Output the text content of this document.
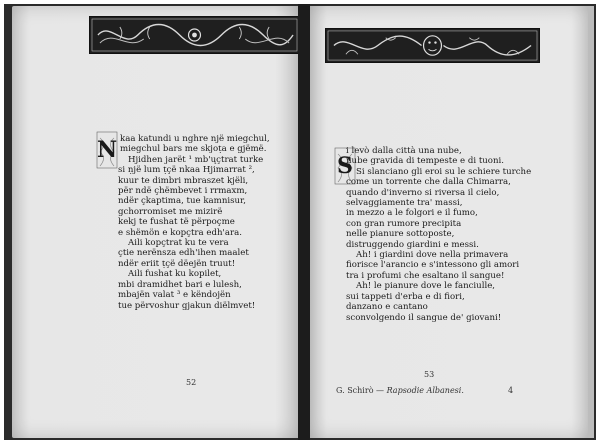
N kaa katundi u nghre një miegchul,
miegchul bars me skjoṭa e gjëmë.
Hjidhen jarët ¹ mb'ųçtrat turke
si ṇjë lum ṭçë nkaa Hjimarrat ²,
kuur te dimbri mbraszet kjëli,
për ndë çhëmbevet i rrmaxm,
ndër çkaptima, tue kamnisur,
gchorromiset me mizirë
kekj te fushat të përpoçme
e shëmön e kopçtra edh'ara.
Aili kopçtrat ku te vera
çtie nerënsza edh'ihen maalet
ndër eriit ṭçë dëejën truut!
Aili fushat ku kopilet,
mbi dramidhet bari e lulesh,
mbajën valat ³ e këndojën
tue përvoshur gjakun diëlmvet!
52
S
i levò dalla città una nube,
nube gravida di tempeste e di tuoni.
Si slanciano gli eroi su le schiere turche
come un torrente che dalla Chimarra,
quando d'inverno si riversa il cielo,
selvaggiamente tra' massi,
in mezzo a le folgori e il fumo,
con gran rumore precipita
nelle pianure sottoposte,
distruggendo giardini e messi.
Ah! i giardini dove nella primavera
fiorisce l'arancio e s'intessono gli amori
tra i profumi che esaltano il sangue!
Ah! le pianure dove le fanciulle,
sui tappeti d'erba e di fiori,
danzano e cantano
sconvolgendo il sangue de' giovani!
53
G. Schirò — Rapsodie Albanesi.	4
